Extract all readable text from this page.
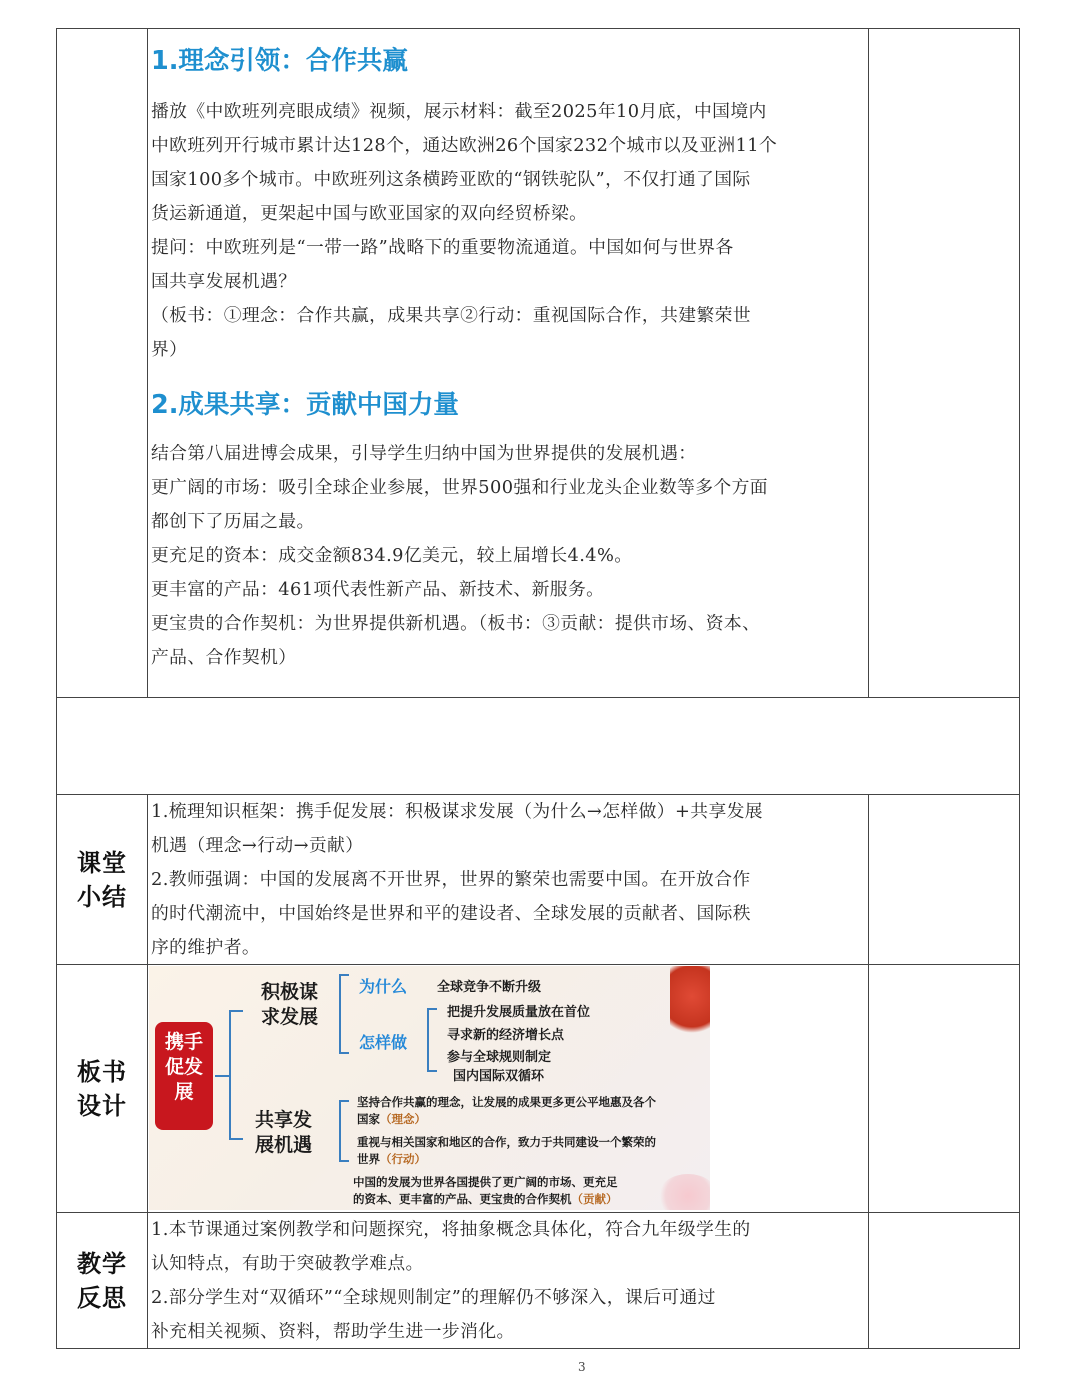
1.理念引领：合作共赢

播放《中欧班列亮眼成绩》视频，展示材料：截至2025年10月底，中国境内

中欧班列开行城市累计达128个，通达欧洲26个国家232个城市以及亚洲11个

国家100多个城市。中欧班列这条横跨亚欧的“钢铁驼队”，不仅打通了国际

货运新通道，更架起中国与欧亚国家的双向经贸桥梁。

提问：中欧班列是“一带一路”战略下的重要物流通道。中国如何与世界各

国共享发展机遇？

（板书：①理念：合作共赢，成果共享②行动：重视国际合作，共建繁荣世

界）

2.成果共享：贡献中国力量

结合第八届进博会成果，引导学生归纳中国为世界提供的发展机遇：

更广阔的市场：吸引全球企业参展，世界500强和行业龙头企业数等多个方面

都创下了历届之最。

更充足的资本：成交金额834.9亿美元，较上届增长4.4%。

更丰富的产品：461项代表性新产品、新技术、新服务。

更宝贵的合作契机：为世界提供新机遇。（板书：③贡献：提供市场、资本、

产品、合作契机）

课堂
小结

1.梳理知识框架：携手促发展：积极谋求发展（为什么→怎样做）+共享发展

机遇（理念→行动→贡献）

2.教师强调：中国的发展离不开世界，世界的繁荣也需要中国。在开放合作

的时代潮流中，中国始终是世界和平的建设者、全球发展的贡献者、国际秩

序的维护者。

板书
设计
携手
促发
展
积极谋
求发展
为什么 全球竞争不断升级
怎样做
把提升发展质量放在首位
寻求新的经济增长点
参与全球规则制定
国内国际双循环
共享发
展机遇
坚持合作共赢的理念，让发展的成果更多更公平地惠及各个
国家（理念）
重视与相关国家和地区的合作，致力于共同建设一个繁荣的
世界（行动）
中国的发展为世界各国提供了更广阔的市场、更充足
的资本、更丰富的产品、更宝贵的合作契机（贡献）
教学
反思

1.本节课通过案例教学和问题探究，将抽象概念具体化，符合九年级学生的

认知特点，有助于突破教学难点。

2.部分学生对“双循环”“全球规则制定”的理解仍不够深入，课后可通过

补充相关视频、资料，帮助学生进一步消化。

3
